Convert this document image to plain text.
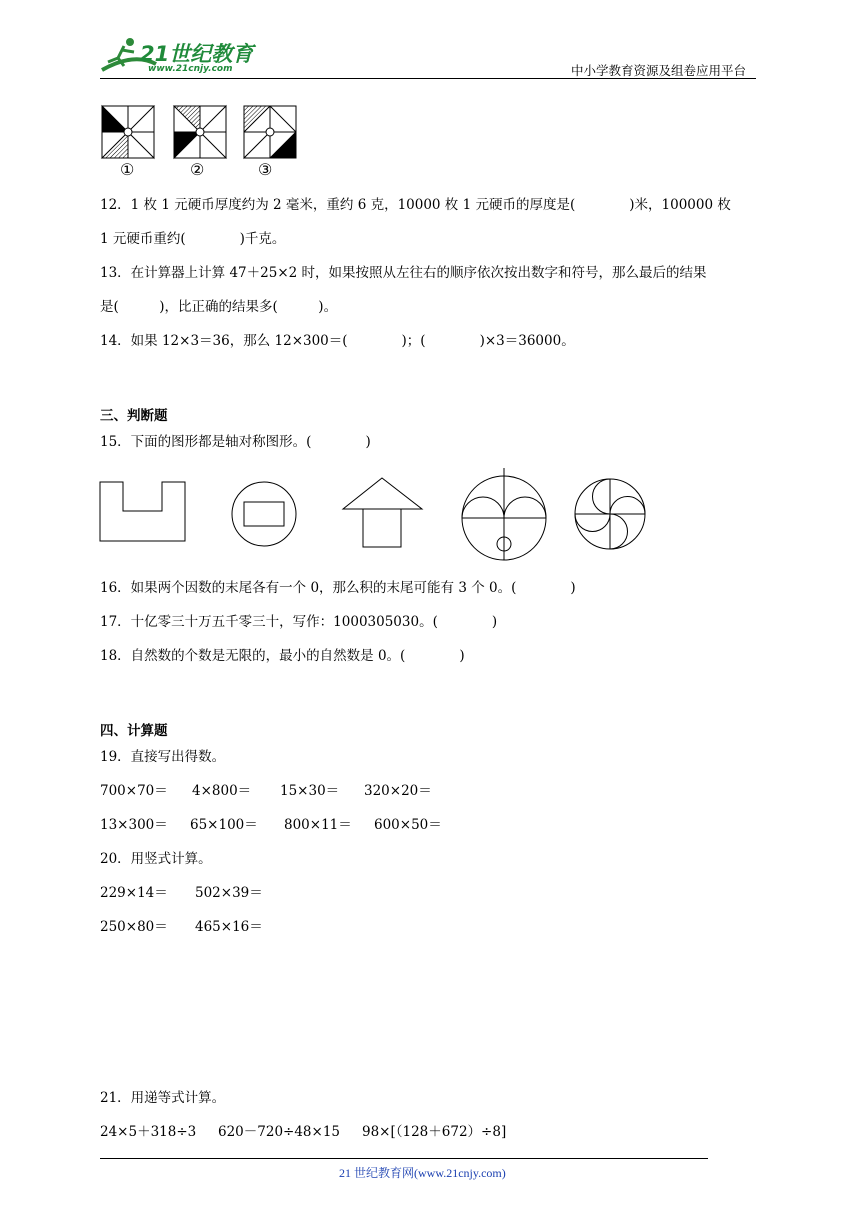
21世纪教育
www.21cnjy.com	中小学教育资源及组卷应用平台
①	②	③
12．1 枚 1 元硬币厚度约为 2 毫米，重约 6 克，10000 枚 1 元硬币的厚度是(　　　　)米，100000 枚
1 元硬币重约(　　　　)千克。
13．在计算器上计算 47＋25×2 时，如果按照从左往右的顺序依次按出数字和符号，那么最后的结果
是(　　　)，比正确的结果多(　　　)。
14．如果 12×3＝36，那么 12×300＝(　　　　)；(　　　　)×3＝36000。
三、判断题
15．下面的图形都是轴对称图形。(　　　　)
16．如果两个因数的末尾各有一个 0，那么积的末尾可能有 3 个 0。(　　　　)
17．十亿零三十万五千零三十，写作：1000305030。(　　　　)
18．自然数的个数是无限的，最小的自然数是 0。(　　　　)
四、计算题
19．直接写出得数。
700×70＝ 4×800＝ 15×30＝ 320×20＝
13×300＝ 65×100＝ 800×11＝ 600×50＝
20．用竖式计算。
229×14＝ 502×39＝
250×80＝ 465×16＝
21．用递等式计算。
24×5＋318÷3 620－720÷48×15 98×[（128＋672）÷8]
21 世纪教育网(www.21cnjy.com)
